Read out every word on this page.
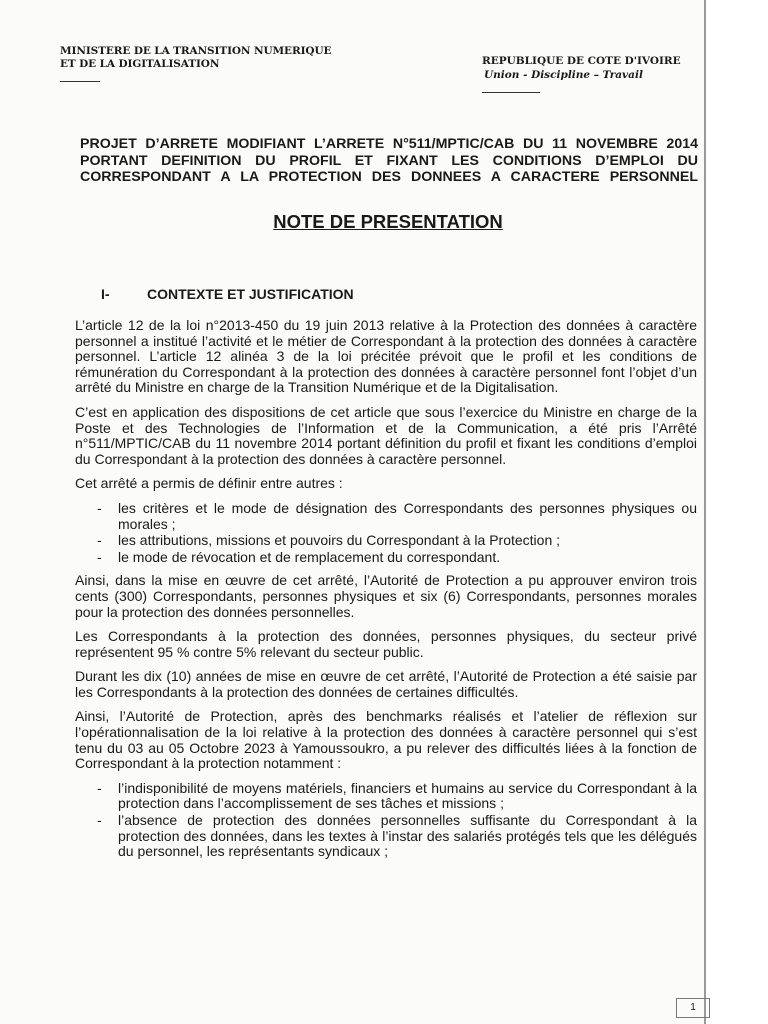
MINISTERE DE LA TRANSITION NUMERIQUE
ET DE LA DIGITALISATION	REPUBLIQUE DE COTE D'IVOIRE
Union - Discipline – Travail
PROJET D’ARRETE MODIFIANT L’ARRETE N°511/MPTIC/CAB DU 11 NOVEMBRE 2014 PORTANT DEFINITION DU PROFIL ET FIXANT LES CONDITIONS D’EMPLOI DU CORRESPONDANT A LA PROTECTION DES DONNEES A CARACTERE PERSONNEL
NOTE DE PRESENTATION
I-	CONTEXTE ET JUSTIFICATION

L’article 12 de la loi n°2013-450 du 19 juin 2013 relative à la Protection des données à caractère personnel a institué l’activité et le métier de Correspondant à la protection des données à caractère personnel. L’article 12 alinéa 3 de la loi précitée prévoit que le profil et les conditions de rémunération du Correspondant à la protection des données à caractère personnel font l’objet d’un arrêté du Ministre en charge de la Transition Numérique et de la Digitalisation.

C’est en application des dispositions de cet article que sous l’exercice du Ministre en charge de la Poste et des Technologies de l’Information et de la Communication, a été pris l’Arrêté n°511/MPTIC/CAB du 11 novembre 2014 portant définition du profil et fixant les conditions d’emploi du Correspondant à la protection des données à caractère personnel.

Cet arrêté a permis de définir entre autres :

- les critères et le mode de désignation des Correspondants des personnes physiques ou morales ;
- les attributions, missions et pouvoirs du Correspondant à la Protection ;
- le mode de révocation et de remplacement du correspondant.

Ainsi, dans la mise en œuvre de cet arrêté, l’Autorité de Protection a pu approuver environ trois cents (300) Correspondants, personnes physiques et six (6) Correspondants, personnes morales pour la protection des données personnelles.

Les Correspondants à la protection des données, personnes physiques, du secteur privé représentent 95 % contre 5% relevant du secteur public.

Durant les dix (10) années de mise en œuvre de cet arrêté, l’Autorité de Protection a été saisie par les Correspondants à la protection des données de certaines difficultés.

Ainsi, l’Autorité de Protection, après des benchmarks réalisés et l’atelier de réflexion sur l’opérationnalisation de la loi relative à la protection des données à caractère personnel qui s’est tenu du 03 au 05 Octobre 2023 à Yamoussoukro, a pu relever des difficultés liées à la fonction de Correspondant à la protection notamment :

- l’indisponibilité de moyens matériels, financiers et humains au service du Correspondant à la protection dans l’accomplissement de ses tâches et missions ;
- l’absence de protection des données personnelles suffisante du Correspondant à la protection des données, dans les textes à l’instar des salariés protégés tels que les délégués du personnel, les représentants syndicaux ;
1
